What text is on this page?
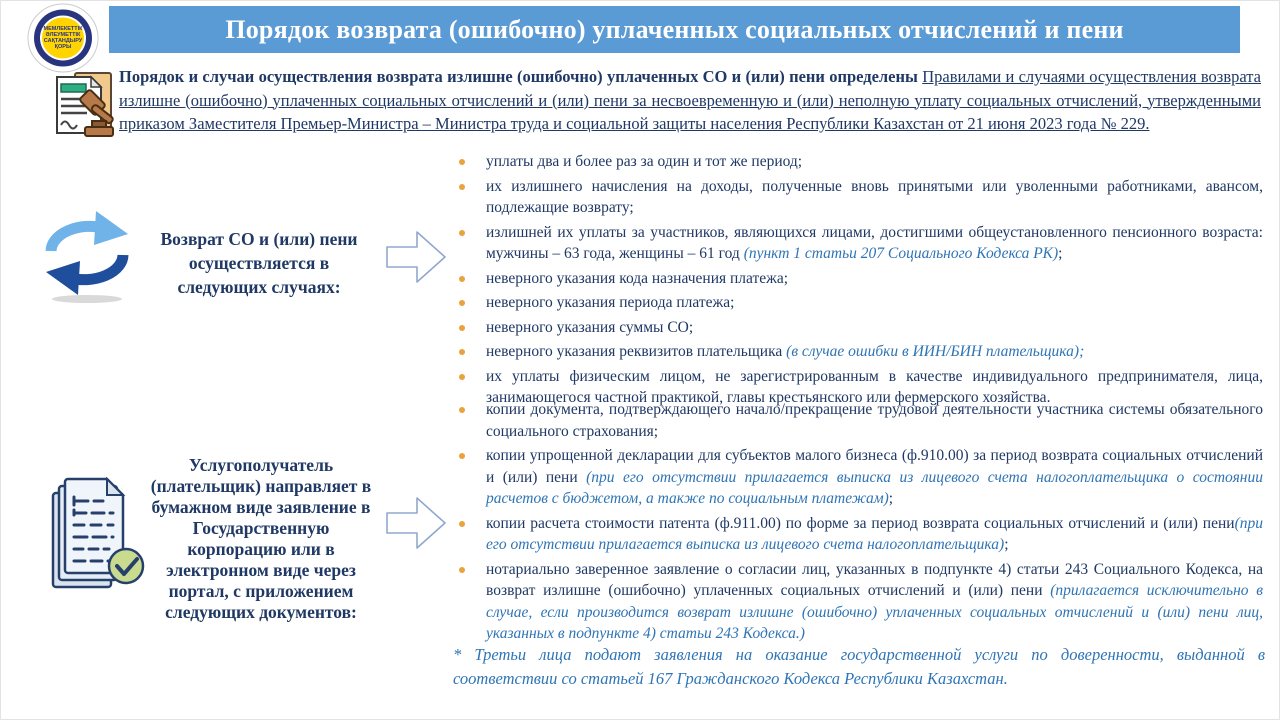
МЕМЛЕКЕТТІК
ӘЛЕУМЕТТІК
САҚТАНДЫРУ
ҚОРЫ
Порядок возврата (ошибочно) уплаченных социальных отчислений и пени

Порядок и случаи осуществления возврата излишне (ошибочно) уплаченных СО и (или) пени определены Правилами и случаями осуществления возврата излишне (ошибочно) уплаченных социальных отчислений и (или) пени за несвоевременную и (или) неполную уплату социальных отчислений, утвержденными приказом Заместителя Премьер-Министра – Министра труда и социальной защиты населения Республики Казахстан от 21 июня 2023 года № 229.

Возврат СО и (или) пени осуществляется в следующих случаях:
уплаты два и более раз за один и тот же период;
их излишнего начисления на доходы, полученные вновь принятыми или уволенными работниками, авансом, подлежащие возврату;
излишней их уплаты за участников, являющихся лицами, достигшими общеустановленного пенсионного возраста: мужчины – 63 года, женщины – 61 год (пункт 1 статьи 207 Социального Кодекса РК);
неверного указания кода назначения платежа;
неверного указания периода платежа;
неверного указания суммы СО;
неверного указания реквизитов плательщика (в случае ошибки в ИИН/БИН плательщика);
их уплаты физическим лицом, не зарегистрированным в качестве индивидуального предпринимателя, лица, занимающегося частной практикой, главы крестьянского или фермерского хозяйства.
Услугополучатель (плательщик) направляет в бумажном виде заявление в Государственную корпорацию или в электронном виде через портал, с приложением следующих документов:
копии документа, подтверждающего начало/прекращение трудовой деятельности участника системы обязательного социального страхования;
копии упрощенной декларации для субъектов малого бизнеса (ф.910.00) за период возврата социальных отчислений и (или) пени (при его отсутствии прилагается выписка из лицевого счета налогоплательщика о состоянии расчетов с бюджетом, а также по социальным платежам);
копии расчета стоимости патента (ф.911.00) по форме за период возврата социальных отчислений и (или) пени(при его отсутствии прилагается выписка из лицевого счета налогоплательщика);
нотариально заверенное заявление о согласии лиц, указанных в подпункте 4) статьи 243 Социального Кодекса, на возврат излишне (ошибочно) уплаченных социальных отчислений и (или) пени (прилагается исключительно в случае, если производится возврат излишне (ошибочно) уплаченных социальных отчислений и (или) пени лиц, указанных в подпункте 4) статьи 243 Кодекса.)

* Третьи лица подают заявления на оказание государственной услуги по доверенности, выданной в соответствии со статьей 167 Гражданского Кодекса Республики Казахстан.
